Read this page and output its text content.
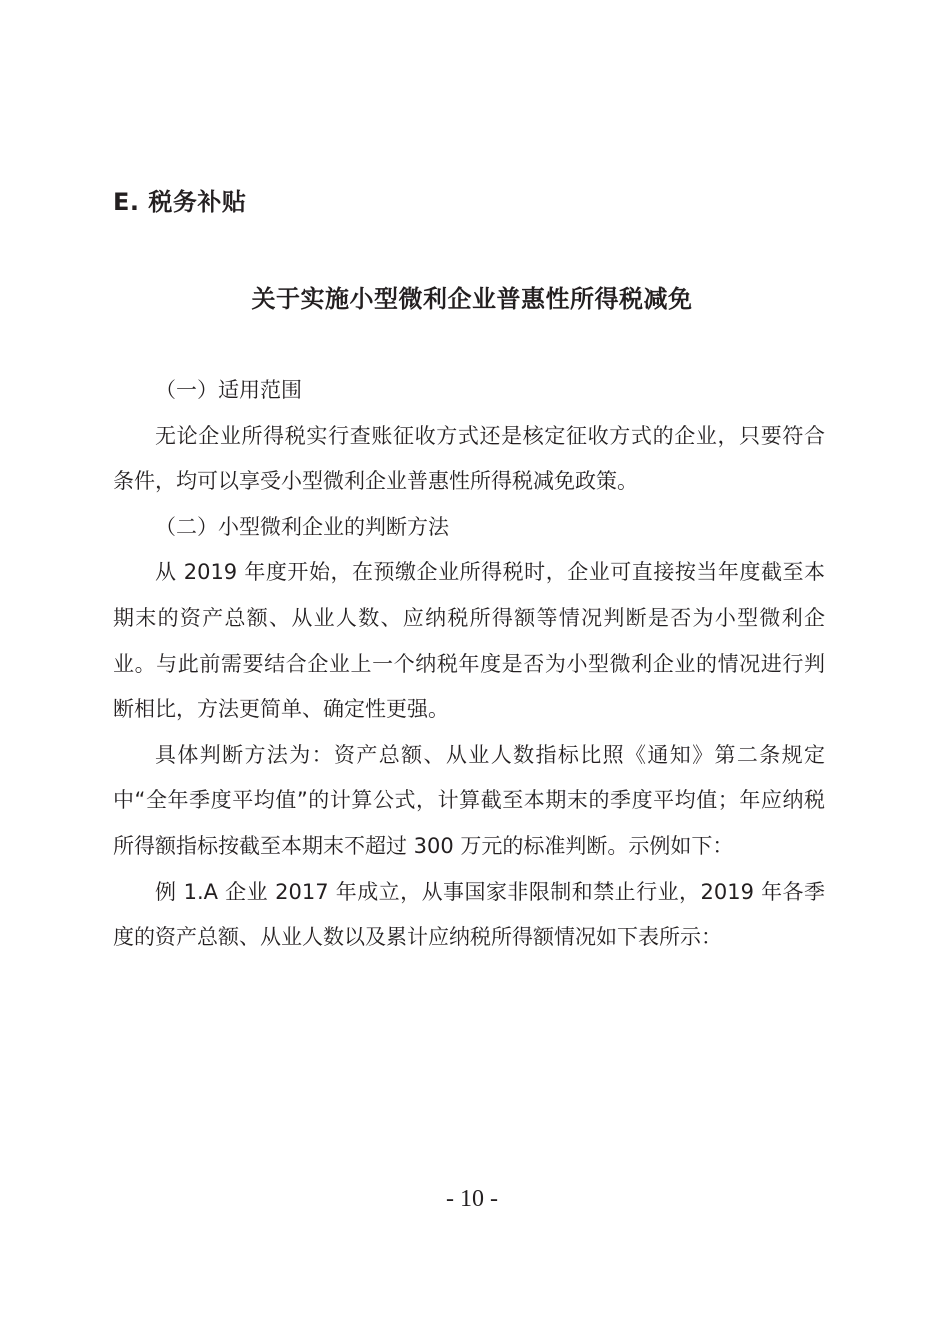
E. 税务补贴
关于实施小型微利企业普惠性所得税减免

（一）适用范围

无论企业所得税实行查账征收方式还是核定征收方式的企业，只要符合条件，均可以享受小型微利企业普惠性所得税减免政策。

（二）小型微利企业的判断方法

从 2019 年度开始，在预缴企业所得税时，企业可直接按当年度截至本期末的资产总额、从业人数、应纳税所得额等情况判断是否为小型微利企业。与此前需要结合企业上一个纳税年度是否为小型微利企业的情况进行判断相比，方法更简单、确定性更强。

具体判断方法为：资产总额、从业人数指标比照《通知》第二条规定中“全年季度平均值”的计算公式，计算截至本期末的季度平均值；年应纳税所得额指标按截至本期末不超过 300 万元的标准判断。示例如下：

例 1.A 企业 2017 年成立，从事国家非限制和禁止行业，2019 年各季度的资产总额、从业人数以及累计应纳税所得额情况如下表所示：

- 10 -
